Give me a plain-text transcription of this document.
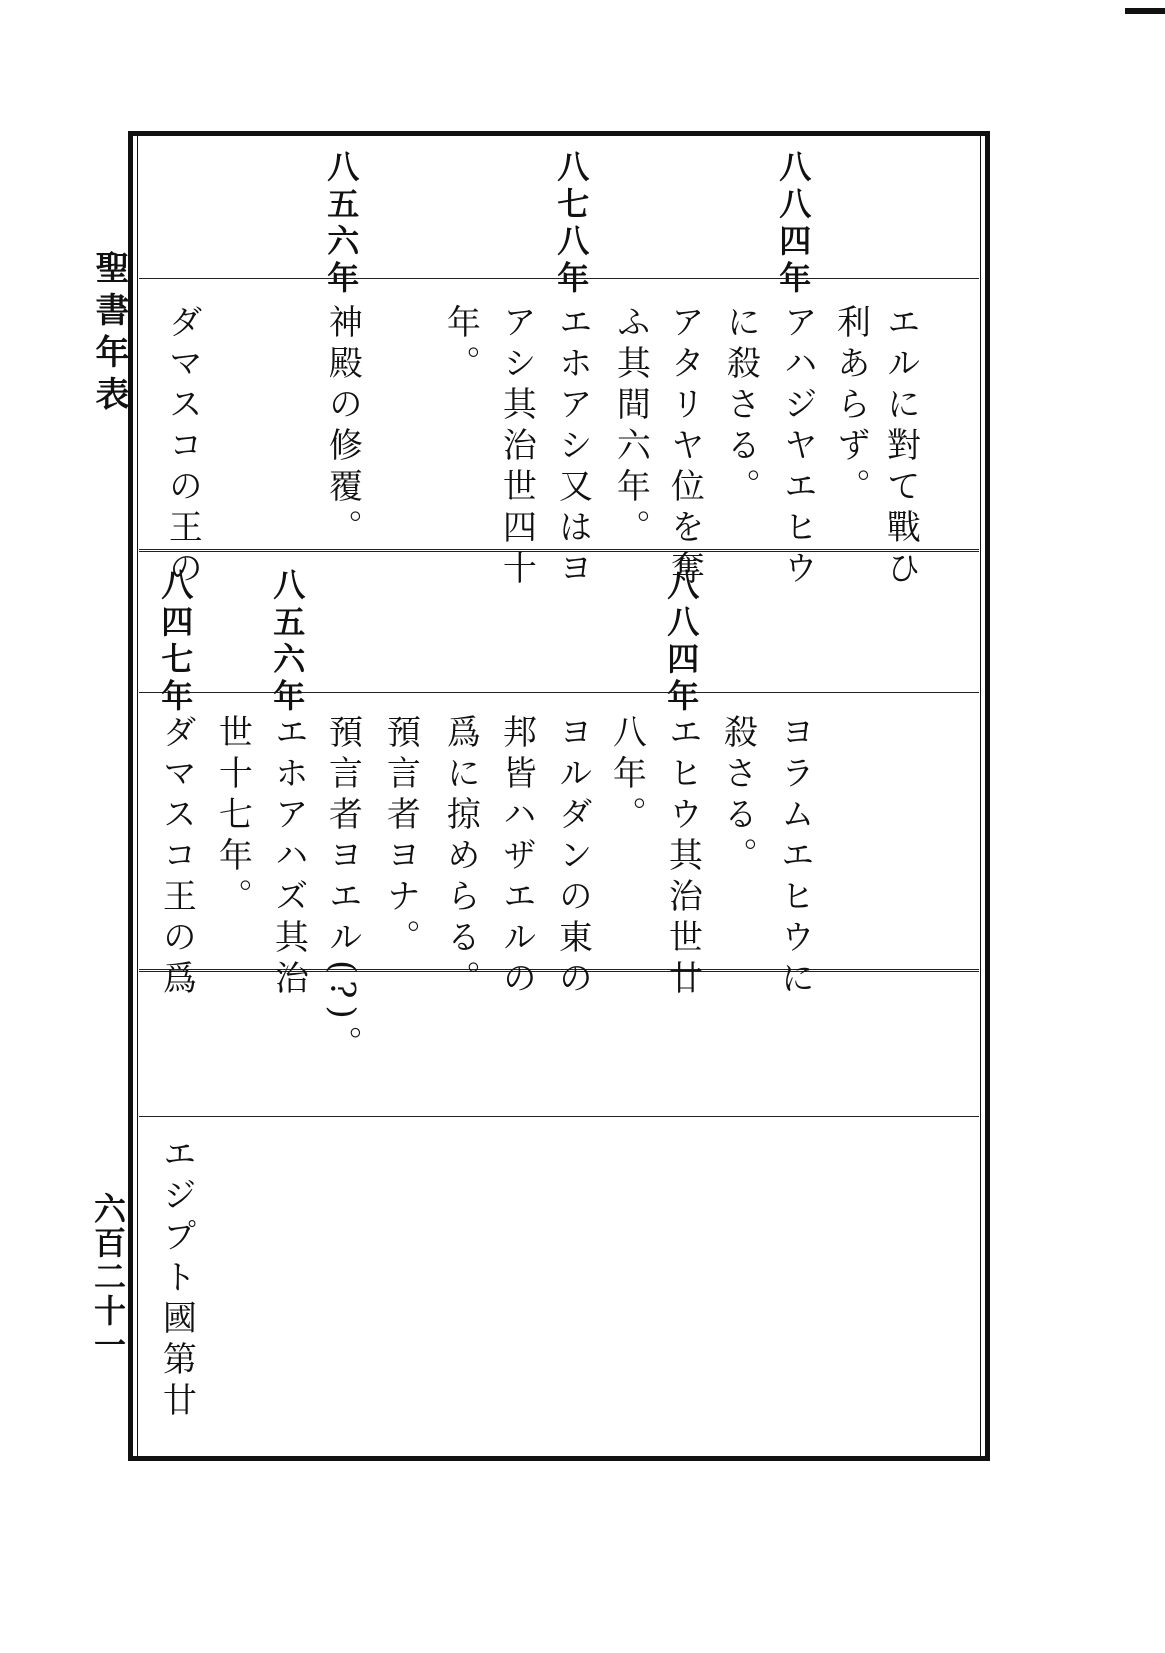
聖書年表
六百二十一
八八四年
八七八年
八五六年
エルに對て戰ひ
利あらず。
アハジヤエヒウ
に殺さる。
アタリヤ位を奪
ふ其間六年。
エホアシ又はヨ
アシ其治世四十
年。
神殿の修覆。
ダマスコの王の
八八四年
八五六年
八四七年
ヨラムエヒウに
殺さる。
エヒウ其治世廿
八年。
ヨルダンの東の
邦皆ハザエルの
爲に掠めらる。
預言者ヨナ。
預言者ヨエル(?)。
エホアハズ其治
世十七年。
ダマスコ王の爲
エジプト國第廿
